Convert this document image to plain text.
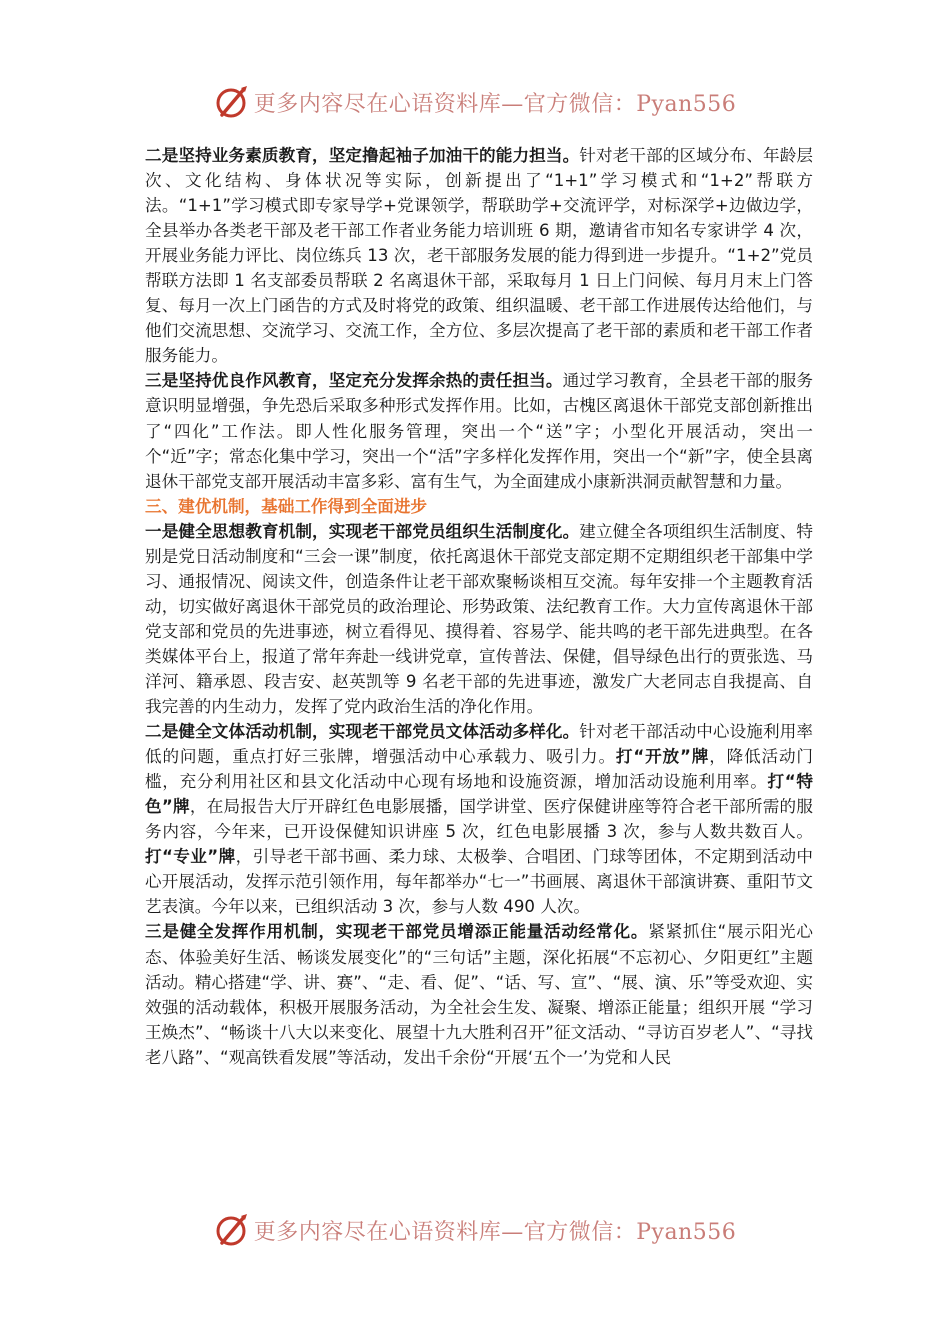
更多内容尽在心语资料库—官方微信：Pyan556

二是坚持业务素质教育，坚定撸起袖子加油干的能力担当。针对老干部的区域分布、年龄层次、文化结构、身体状况等实际，创新提出了“1+1”学习模式和“1+2”帮联方法。“1+1”学习模式即专家导学+党课领学，帮联助学+交流评学，对标深学+边做边学，全县举办各类老干部及老干部工作者业务能力培训班 6 期，邀请省市知名专家讲学 4 次，开展业务能力评比、岗位练兵 13 次，老干部服务发展的能力得到进一步提升。“1+2”党员帮联方法即 1 名支部委员帮联 2 名离退休干部，采取每月 1 日上门问候、每月月末上门答复、每月一次上门函告的方式及时将党的政策、组织温暖、老干部工作进展传达给他们，与他们交流思想、交流学习、交流工作，全方位、多层次提高了老干部的素质和老干部工作者服务能力。

三是坚持优良作风教育，坚定充分发挥余热的责任担当。通过学习教育，全县老干部的服务意识明显增强，争先恐后采取多种形式发挥作用。比如，古槐区离退休干部党支部创新推出了“四化”工作法。即人性化服务管理，突出一个“送”字；小型化开展活动，突出一个“近”字；常态化集中学习，突出一个“活”字多样化发挥作用，突出一个“新”字，使全县离退休干部党支部开展活动丰富多彩、富有生气，为全面建成小康新洪洞贡献智慧和力量。

三、建优机制，基础工作得到全面进步

一是健全思想教育机制，实现老干部党员组织生活制度化。建立健全各项组织生活制度、特别是党日活动制度和“三会一课”制度，依托离退休干部党支部定期不定期组织老干部集中学习、通报情况、阅读文件，创造条件让老干部欢聚畅谈相互交流。每年安排一个主题教育活动，切实做好离退休干部党员的政治理论、形势政策、法纪教育工作。大力宣传离退休干部党支部和党员的先进事迹，树立看得见、摸得着、容易学、能共鸣的老干部先进典型。在各类媒体平台上，报道了常年奔赴一线讲党章，宣传普法、保健，倡导绿色出行的贾张选、马洋河、籍承恩、段吉安、赵英凯等 9 名老干部的先进事迹，激发广大老同志自我提高、自我完善的内生动力，发挥了党内政治生活的净化作用。

二是健全文体活动机制，实现老干部党员文体活动多样化。针对老干部活动中心设施利用率低的问题，重点打好三张牌，增强活动中心承载力、吸引力。打“开放”牌，降低活动门槛，充分利用社区和县文化活动中心现有场地和设施资源，增加活动设施利用率。打“特色”牌，在局报告大厅开辟红色电影展播，国学讲堂、医疗保健讲座等符合老干部所需的服务内容，今年来，已开设保健知识讲座 5 次，红色电影展播 3 次，参与人数共数百人。打“专业”牌，引导老干部书画、柔力球、太极拳、合唱团、门球等团体，不定期到活动中心开展活动，发挥示范引领作用，每年都举办“七一”书画展、离退休干部演讲赛、重阳节文艺表演。今年以来，已组织活动 3 次，参与人数 490 人次。

三是健全发挥作用机制，实现老干部党员增添正能量活动经常化。紧紧抓住“展示阳光心态、体验美好生活、畅谈发展变化”的“三句话”主题，深化拓展“不忘初心、夕阳更红”主题活动。精心搭建“学、讲、赛”、“走、看、促”、“话、写、宣”、“展、演、乐”等受欢迎、实效强的活动载体，积极开展服务活动，为全社会生发、凝聚、增添正能量；组织开展 “学习王焕杰”、“畅谈十八大以来变化、展望十九大胜利召开”征文活动、“寻访百岁老人”、“寻找老八路”、“观高铁看发展”等活动，发出千余份“开展‘五个一’为党和人民

更多内容尽在心语资料库—官方微信：Pyan556
